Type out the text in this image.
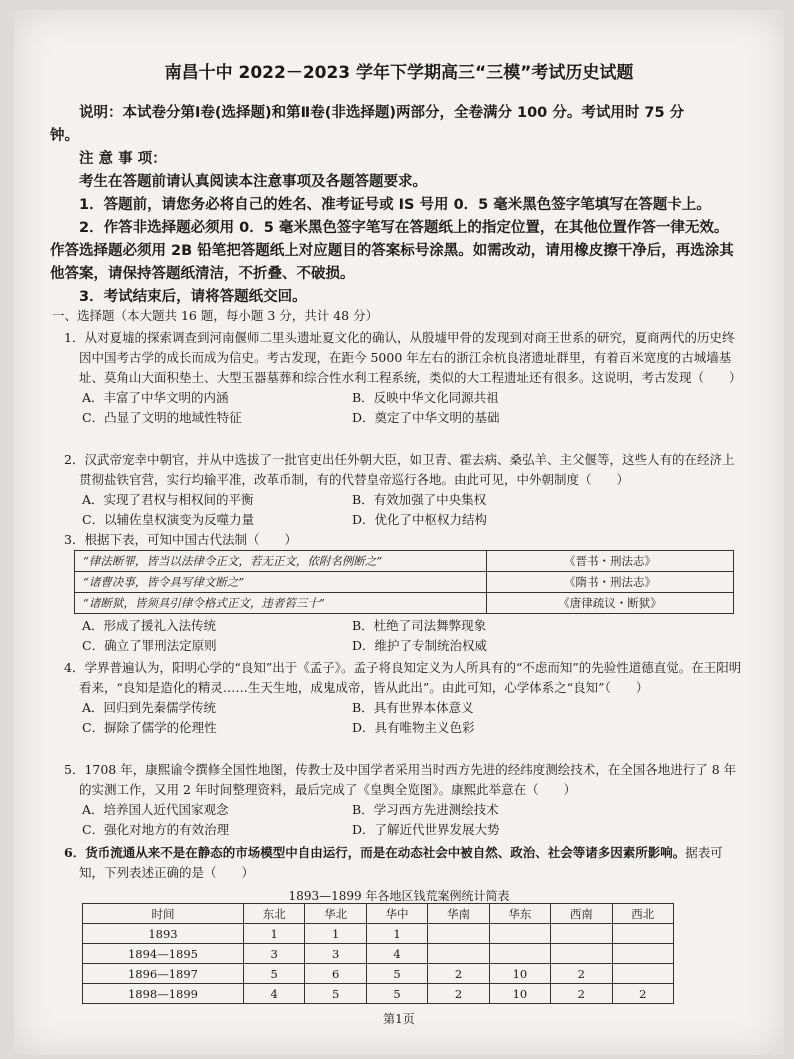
南昌十中 2022－2023 学年下学期高三“三模”考试历史试题

说明：本试卷分第Ⅰ卷(选择题)和第Ⅱ卷(非选择题)两部分，全卷满分 100 分。考试用时 75 分

钟。

注 意 事 项：

考生在答题前请认真阅读本注意事项及各题答题要求。

1．答题前，请您务必将自己的姓名、准考证号或 IS 号用 0．5 毫米黑色签字笔填写在答题卡上。

2．作答非选择题必须用 0．5 毫米黑色签字笔写在答题纸上的指定位置，在其他位置作答一律无效。作答选择题必须用 2B 铅笔把答题纸上对应题目的答案标号涂黑。如需改动，请用橡皮擦干净后，再选涂其他答案，请保持答题纸清洁，不折叠、不破损。

3．考试结束后，请将答题纸交回。

一、选择题（本大题共 16 题，每小题 3 分，共计 48 分）

1．从对夏墟的探索调查到河南偃师二里头遗址夏文化的确认，从殷墟甲骨的发现到对商王世系的研究，夏商两代的历史终因中国考古学的成长而成为信史。考古发现，在距今 5000 年左右的浙江余杭良渚遗址群里，有着百米宽度的古城墙基址、莫角山大面积垫土、大型玉器墓葬和综合性水利工程系统，类似的大工程遗址还有很多。这说明，考古发现（　　）

A．丰富了中华文明的内涵	B．反映中华文化同源共祖
C．凸显了文明的地域性特征	D．奠定了中华文明的基础

2．汉武帝宠幸中朝官，并从中选拔了一批官吏出任外朝大臣，如卫青、霍去病、桑弘羊、主父偃等，这些人有的在经济上贯彻盐铁官营，实行均输平准，改革币制，有的代替皇帝巡行各地。由此可见，中外朝制度（　　）

A．实现了君权与相权间的平衡	B．有效加强了中央集权
C．以辅佐皇权演变为反噬力量	D．优化了中枢权力结构

3．根据下表，可知中国古代法制（　　）

“律法断罪，皆当以法律令正文，若无正文，依附名例断之”	《晋书・刑法志》
“诸曹决事，皆令具写律文断之”	《隋书・刑法志》
“诸断狱，皆须具引律令格式正文，违者笞三十”	《唐律疏议・断狱》
A．形成了援礼入法传统	B．杜绝了司法舞弊现象
C．确立了罪刑法定原则	D．维护了专制统治权威

4．学界普遍认为，阳明心学的“良知”出于《孟子》。孟子将良知定义为人所具有的“不虑而知”的先验性道德直觉。在王阳明看来，“良知是造化的精灵……生天生地，成鬼成帝，皆从此出”。由此可知，心学体系之“良知”（　　）

A．回归到先秦儒学传统	B．具有世界本体意义
C．摒除了儒学的伦理性	D．具有唯物主义色彩

5．1708 年，康熙谕令撰修全国性地图，传教士及中国学者采用当时西方先进的经纬度测绘技术，在全国各地进行了 8 年的实测工作，又用 2 年时间整理资料，最后完成了《皇舆全览图》。康熙此举意在（　　）

A．培养国人近代国家观念	B．学习西方先进测绘技术
C．强化对地方的有效治理	D．了解近代世界发展大势

6．货币流通从来不是在静态的市场模型中自由运行，而是在动态社会中被自然、政治、社会等诸多因素所影响。据表可知，下列表述正确的是（　　）

1893—1899 年各地区钱荒案例统计简表
时间	东北	华北	华中	华南	华东	西南	西北
1893	1	1	1				
1894—1895	3	3	4				
1896—1897	5	6	5	2	10	2	
1898—1899	4	5	5	2	10	2	2
第1页
